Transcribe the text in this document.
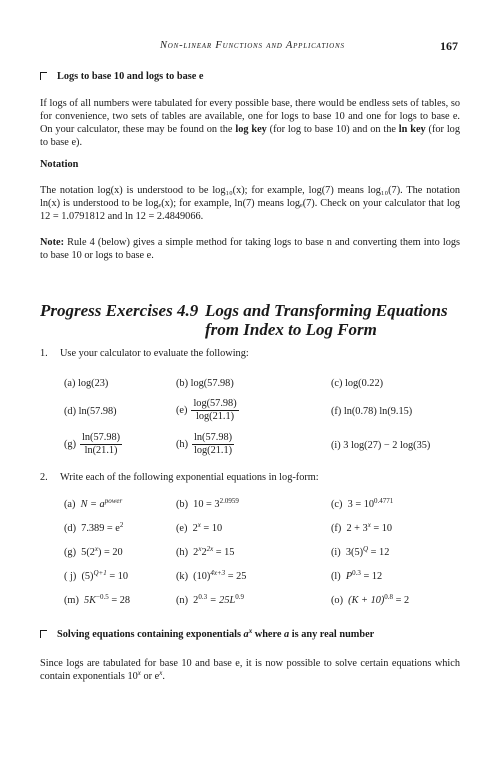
Non-linear Functions and Applications	167
Logs to base 10 and logs to base e
If logs of all numbers were tabulated for every possible base, there would be endless sets of tables, so for convenience, two sets of tables are available, one for logs to base 10 and one for logs to base e. On your calculator, these may be found on the log key (for log to base 10) and on the ln key (for log to base e).
Notation
The notation log(x) is understood to be log₁₀(x); for example, log(7) means log₁₀(7). The notation ln(x) is understood to be logₑ(x); for example, ln(7) means logₑ(7). Check on your calculator that log 12 = 1.0791812 and ln 12 = 2.4849066.
Note: Rule 4 (below) gives a simple method for taking logs to base n and converting them into logs to base 10 or logs to base e.
Progress Exercises 4.9 Logs and Transforming Equations
from Index to Log Form
1. Use your calculator to evaluate the following:
(a) log(23)	(b) log(57.98)	(c) log(0.22)
(d) ln(57.98)	$(e) \frac{\log(57.98)}{\log(21.1)}$	(f) ln(0.78) ln(9.15)
$(g) \frac{\ln(57.98)}{\ln(21.1)}$	$(h) \frac{\ln(57.98)}{\log(21.1)}$	(i) 3 log(27) − 2 log(35)
2. Write each of the following exponential equations in log-form:
(a) $N = a^{power}$	(b) $10 = 3^{2.0959}$	(c) $3 = 10^{0.4771}$
(d) $7.389 = e^2$	(e) $2^x = 10$	(f) $2 + 3^x = 10$
(g) $5(2^x) = 20$	(h) $2^x2^{2x} = 15$	(i) $3(5)^Q = 12$
( j) $(5)^{Q+1} = 10$	(k) $(10)^{4x+3} = 25$	(l) $P^{0.3} = 12$
(m) $5K^{-0.5} = 28$	(n) $2^{0.3} = 25L^{0.9}$	(o) $(K + 10)^{0.8} = 2$
Solving equations containing exponentials $a^x$ where a is any real number
Since logs are tabulated for base 10 and base e, it is now possible to solve certain equations which contain exponentials 10$^x$ or $e^x$.
